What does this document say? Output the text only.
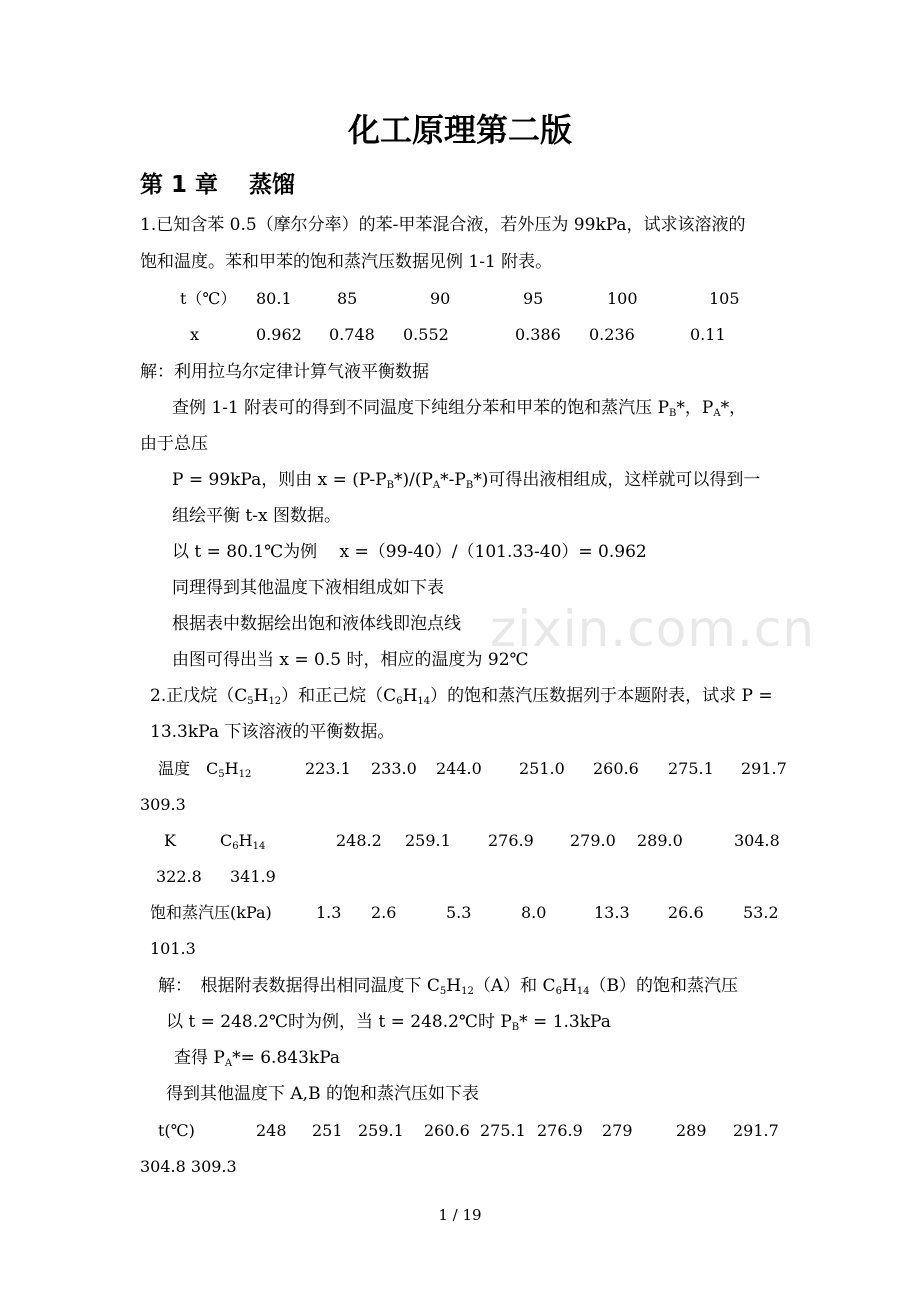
zixin.com.cn
化工原理第二版
第 1 章　 蒸馏
1.已知含苯 0.5（摩尔分率）的苯-甲苯混合液，若外压为 99kPa，试求该溶液的
饱和温度。苯和甲苯的饱和蒸汽压数据见例 1-1 附表。
t（℃） 80.1	85	90	95	100	105
x	0.962 0.748 0.552	0.386 0.236	0.11
解：利用拉乌尔定律计算气液平衡数据
查例 1-1 附表可的得到不同温度下纯组分苯和甲苯的饱和蒸汽压 $P_B*$，$P_A*$，
由于总压
P = 99kPa，则由 $x = (P-P_B*)/(P_A*-P_B*)$可得出液相组成，这样就可以得到一
组绘平衡 t-x 图数据。
以 t = 80.1℃为例　 x =（99-40）/（101.33-40）= 0.962
同理得到其他温度下液相组成如下表
根据表中数据绘出饱和液体线即泡点线
由图可得出当 x = 0.5 时，相应的温度为 92℃
2.正戊烷$(C_5H_{12})$和正己烷$(C_6H_{14})$的饱和蒸汽压数据列于本题附表，试求 P =
13.3kPa 下该溶液的平衡数据。
温度　 $C_5H_{12}$	223.1 233.0 244.0 251.0 260.6 275.1 291.7
309.3
K	$C_6H_{14}$	248.2 259.1 276.9 279.0 289.0	304.8
322.8 341.9
饱和蒸汽压(kPa)	1.3 2.6	5.3	8.0	13.3 26.6 53.2
101.3
解：　根据附表数据得出相同温度下 $C_5H_{12}(A)$和 $C_6H_{14}(B)$的饱和蒸汽压
以 t = 248.2℃时为例，当 t = 248.2℃时 $P_B* = 1.3kPa$
查得 $P_A*= 6.843kPa$
得到其他温度下 A,B 的饱和蒸汽压如下表
t(℃)	248 251 259.1 260.6 275.1 276.9 279	289 291.7
304.8 309.3
1 / 19
